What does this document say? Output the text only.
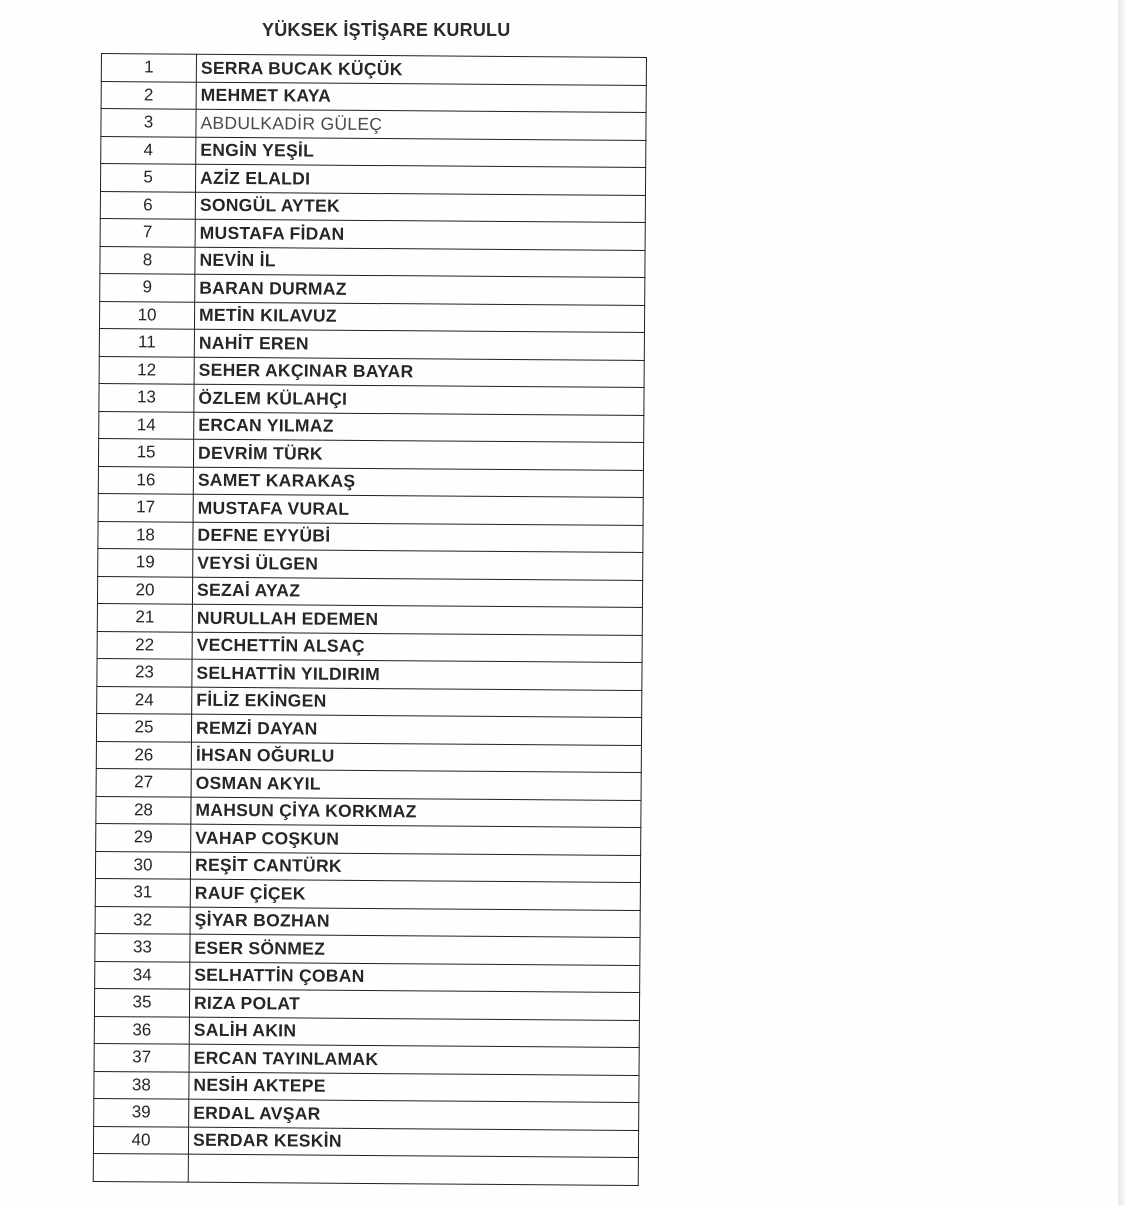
YÜKSEK İŞTİŞARE KURULU
1	SERRA BUCAK KÜÇÜK
2	MEHMET KAYA
3	ABDULKADİR GÜLEÇ
4	ENGİN YEŞİL
5	AZİZ ELALDI
6	SONGÜL AYTEK
7	MUSTAFA FİDAN
8	NEVİN İL
9	BARAN DURMAZ
10	METİN KILAVUZ
11	NAHİT EREN
12	SEHER AKÇINAR BAYAR
13	ÖZLEM KÜLAHÇI
14	ERCAN YILMAZ
15	DEVRİM TÜRK
16	SAMET KARAKAŞ
17	MUSTAFA VURAL
18	DEFNE EYYÜBİ
19	VEYSİ ÜLGEN
20	SEZAİ AYAZ
21	NURULLAH EDEMEN
22	VECHETTİN ALSAÇ
23	SELHATTİN YILDIRIM
24	FİLİZ EKİNGEN
25	REMZİ DAYAN
26	İHSAN OĞURLU
27	OSMAN AKYIL
28	MAHSUN ÇİYA KORKMAZ
29	VAHAP COŞKUN
30	REŞİT CANTÜRK
31	RAUF ÇİÇEK
32	ŞİYAR BOZHAN
33	ESER SÖNMEZ
34	SELHATTİN ÇOBAN
35	RIZA POLAT
36	SALİH AKIN
37	ERCAN TAYINLAMAK
38	NESİH AKTEPE
39	ERDAL AVŞAR
40	SERDAR KESKİN
